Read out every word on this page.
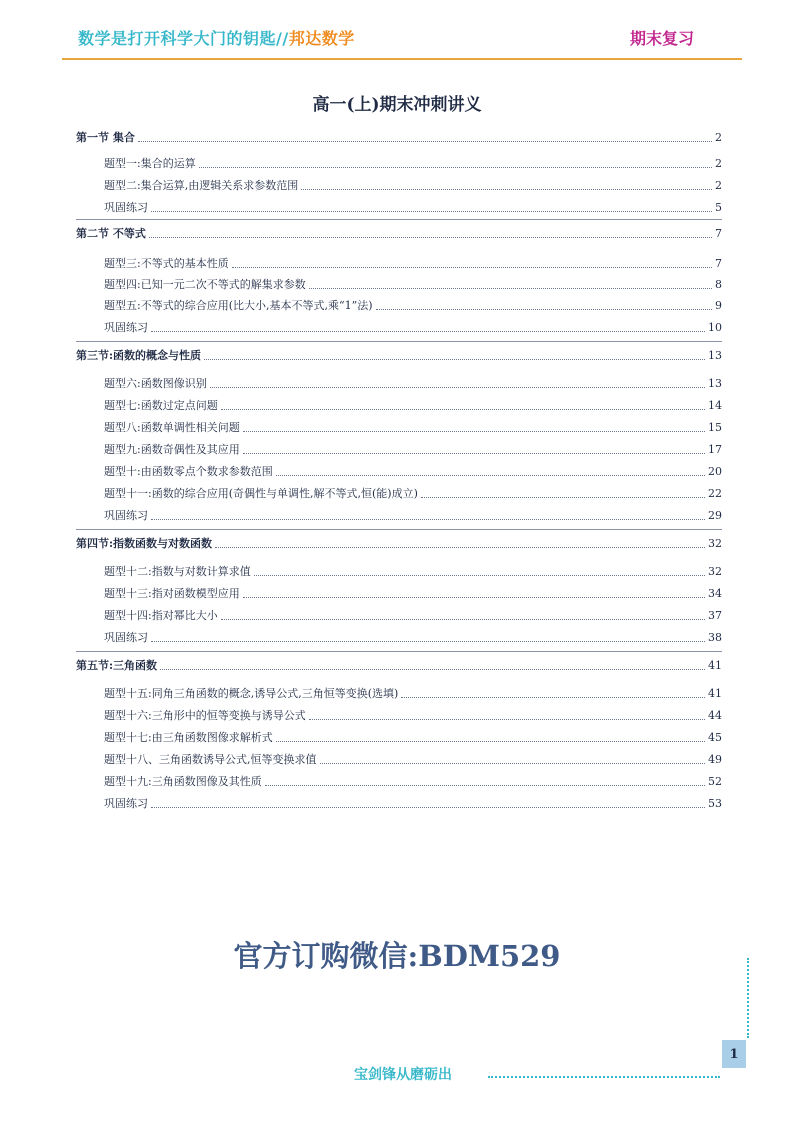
数学是打开科学大门的钥匙//邦达数学	期末复习
高一(上)期末冲刺讲义
第一节 集合	2
题型一:集合的运算	2
题型二:集合运算,由逻辑关系求参数范围	2
巩固练习	5
第二节 不等式	7
题型三:不等式的基本性质	7
题型四:已知一元二次不等式的解集求参数	8
题型五:不等式的综合应用(比大小,基本不等式,乘“1”法)	9
巩固练习	10
第三节:函数的概念与性质	13
题型六:函数图像识别	13
题型七:函数过定点问题	14
题型八:函数单调性相关问题	15
题型九:函数奇偶性及其应用	17
题型十:由函数零点个数求参数范围	20
题型十一:函数的综合应用(奇偶性与单调性,解不等式,恒(能)成立)	22
巩固练习	29
第四节:指数函数与对数函数	32
题型十二:指数与对数计算求值	32
题型十三:指对函数模型应用	34
题型十四:指对幂比大小	37
巩固练习	38
第五节:三角函数	41
题型十五:同角三角函数的概念,诱导公式,三角恒等变换(选填)	41
题型十六:三角形中的恒等变换与诱导公式	44
题型十七:由三角函数图像求解析式	45
题型十八、三角函数诱导公式,恒等变换求值	49
题型十九:三角函数图像及其性质	52
巩固练习	53
官方订购微信:BDM529
1
宝剑锋从磨砺出
